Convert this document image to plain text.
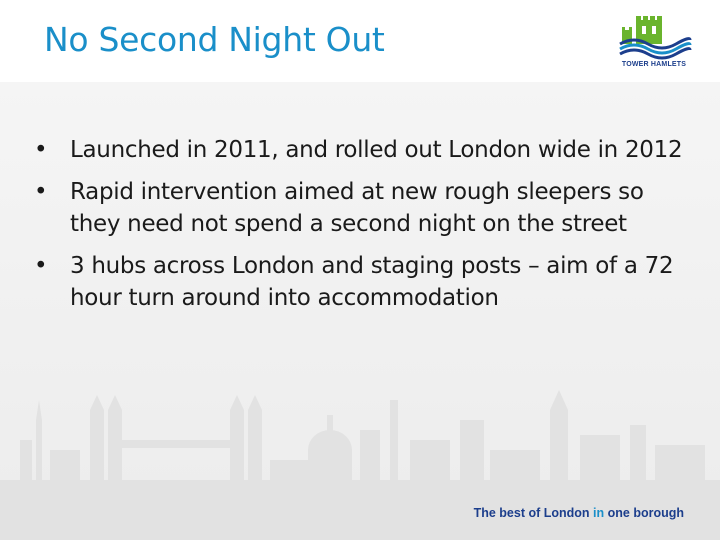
No Second Night Out
TOWER HAMLETS
• Launched in 2011, and rolled out London wide in 2012
• Rapid intervention aimed at new rough sleepers so they need not spend a second night on the street
• 3 hubs across London and staging posts – aim of a 72 hour turn around into accommodation
The best of London in one borough
